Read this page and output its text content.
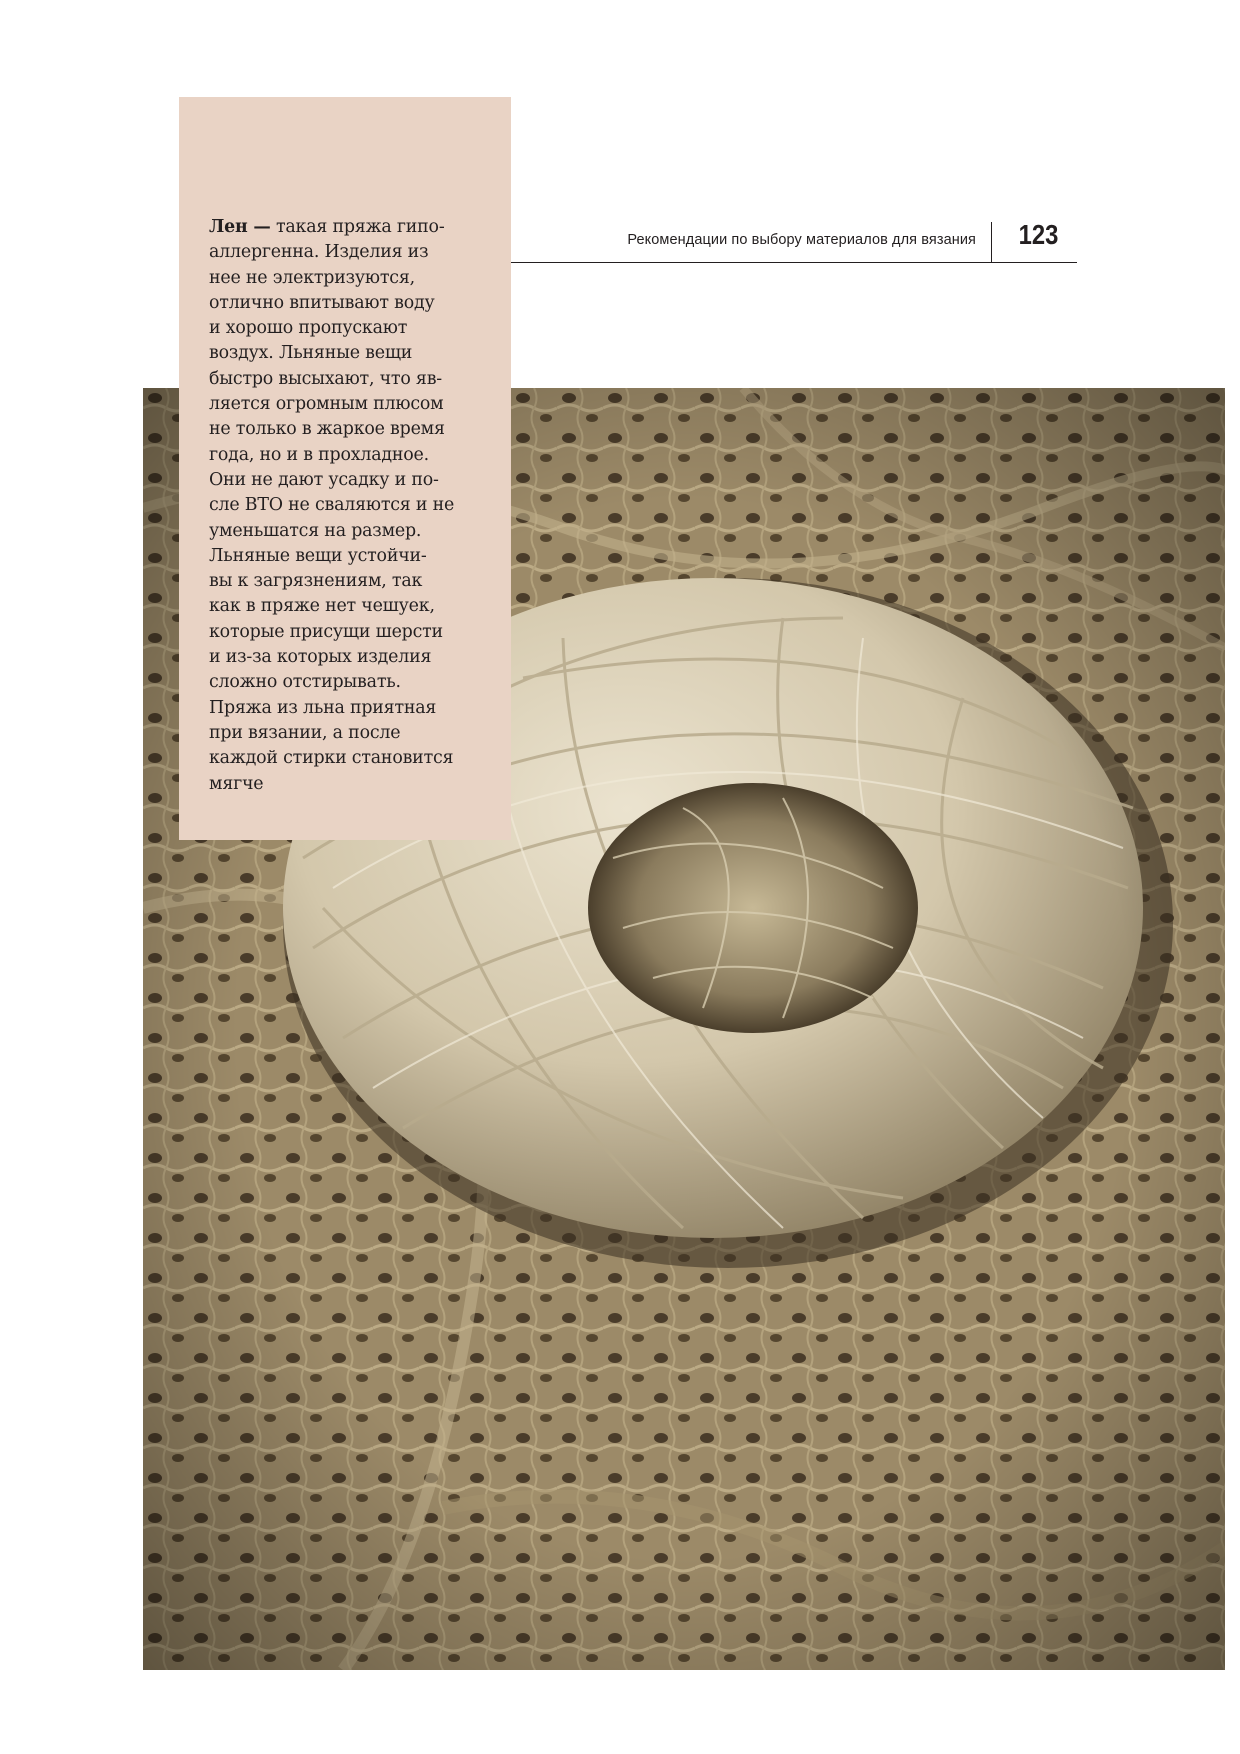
Рекомендации по выбору материалов для вязания	123

Лен — такая пряжа гипо-
аллергенна. Изделия из
нее не электризуются,
отлично впитывают воду
и хорошо пропускают
воздух. Льняные вещи
быстро высыхают, что яв-
ляется огромным плюсом
не только в жаркое время
года, но и в прохладное.
Они не дают усадку и по-
сле ВТО не сваляются и не
уменьшатся на размер.
Льняные вещи устойчи-
вы к загрязнениям, так
как в пряже нет чешуек,
которые присущи шерсти
и из-за которых изделия
сложно отстирывать.
Пряжа из льна приятная
при вязании, а после
каждой стирки становится
мягче
